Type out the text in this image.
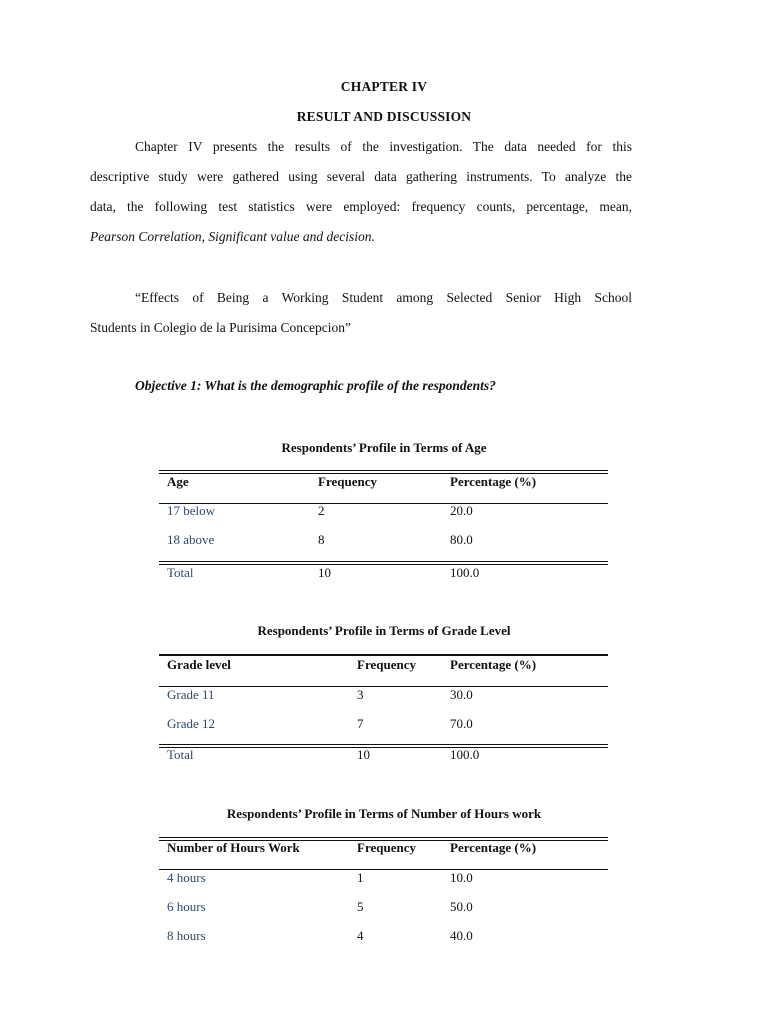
CHAPTER IV
RESULT AND DISCUSSION
Chapter IV presents the results of the investigation. The data needed for this
descriptive study were gathered using several data gathering instruments. To analyze the
data, the following test statistics were employed: frequency counts, percentage, mean,
Pearson Correlation, Significant value and decision.
“Effects of Being a Working Student among Selected Senior High School
Students in Colegio de la Purisima Concepcion”
Objective 1: What is the demographic profile of the respondents?
Respondents’ Profile in Terms of Age
Age	Frequency	Percentage (%)
17 below	2	20.0
18 above	8	80.0
Total	10	100.0
Respondents’ Profile in Terms of Grade Level
Grade level	Frequency	Percentage (%)
Grade 11	3	30.0
Grade 12	7	70.0
Total	10	100.0
Respondents’ Profile in Terms of Number of Hours work
Number of Hours Work	Frequency	Percentage (%)
4 hours	1	10.0
6 hours	5	50.0
8 hours	4	40.0
